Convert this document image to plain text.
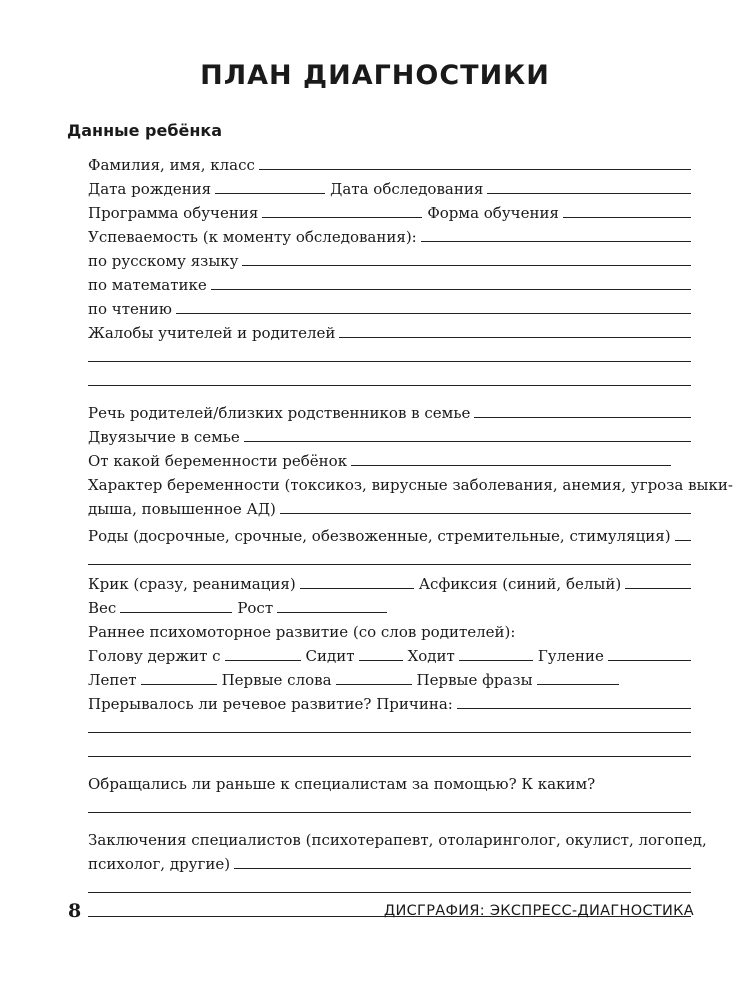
ПЛАН ДИАГНОСТИКИ
Данные ребёнка
Фамилия, имя, класс
Дата рождения	Дата обследования
Программа обучения	Форма обучения
Успеваемость (к моменту обследования):
по русскому языку
по математике
по чтению
Жалобы учителей и родителей
Речь родителей/близких родственников в семье
Двуязычие в семье
От какой беременности ребёнок
Характер беременности (токсикоз, вирусные заболевания, анемия, угроза выки-
дыша, повышенное АД)
Роды (досрочные, срочные, обезвоженные, стремительные, стимуляция)
Крик (сразу, реанимация)	Асфиксия (синий, белый)
Вес	Рост
Раннее психомоторное развитие (со слов родителей):
Голову держит с	Сидит	Ходит	Гуление
Лепет	Первые слова	Первые фразы
Прерывалось ли речевое развитие? Причина:
Обращались ли раньше к специалистам за помощью? К каким?
Заключения специалистов (психотерапевт, отоларинголог, окулист, логопед,
психолог, другие)
8	ДИСГРАФИЯ: ЭКСПРЕСС-ДИАГНОСТИКА
